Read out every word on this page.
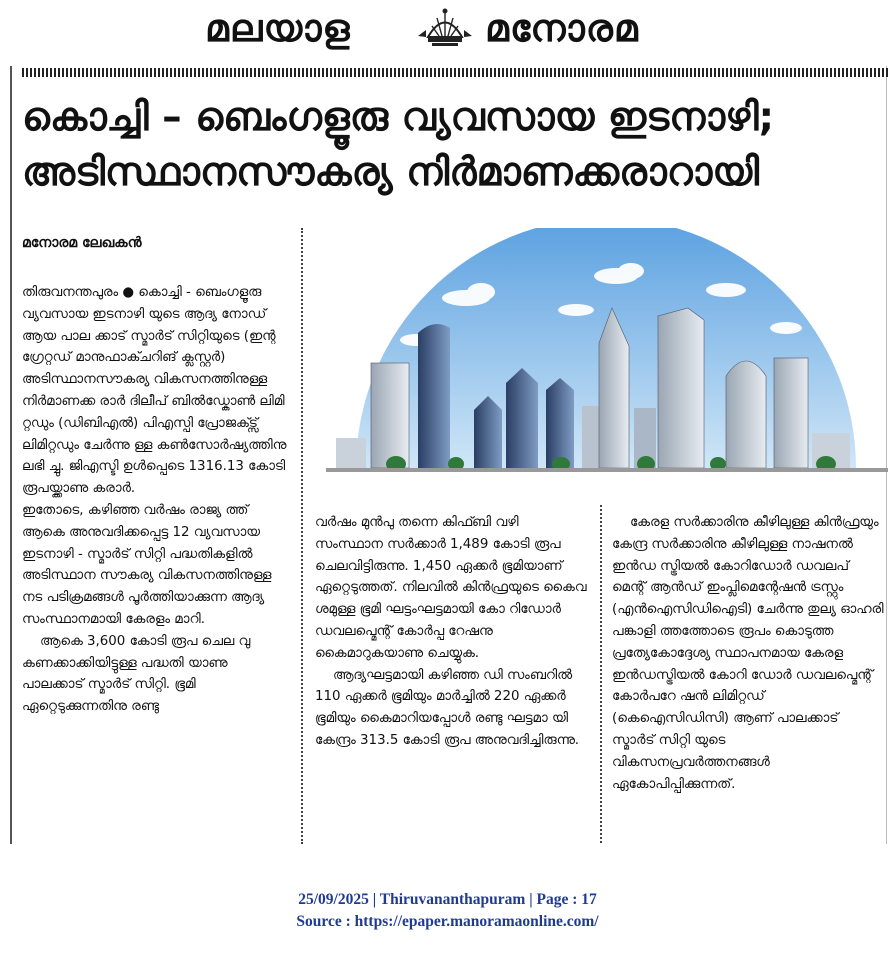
മലയാള	മനോരമ
കൊച്ചി – ബെംഗളൂരു വ്യവസായ ഇടനാഴി;
അടിസ്ഥാനസൗകര്യ നിർമാണക്കരാറായി
മനോരമ ലേഖകൻ

തിരുവനന്തപുരം ● കൊച്ചി - ബെംഗളൂരു വ്യവസായ ഇടനാഴി യുടെ ആദ്യ നോഡ് ആയ പാല ക്കാട് സ്മാർട് സിറ്റിയുടെ (ഇന്റ ഗ്രേറ്റഡ് മാനുഫാക്ചറിങ് ക്ലസ്റ്റർ) അടിസ്ഥാനസൗകര്യ വികസനത്തിനുള്ള നിർമാണക്ക രാർ ദിലീപ് ബിൽഡ്കോൺ ലിമി റ്റഡും (ഡിബിഎൽ) പിഎസ്പി പ്രോജക്ട്സ് ലിമിറ്റഡും ചേർന്നു ള്ള കൺസോർഷ്യത്തിനു ലഭി ച്ചു. ജിഎസ്ടി ഉൾപ്പെടെ 1316.13 കോടി രൂപയ്ക്കാണു കരാർ.

ഇതോടെ, കഴിഞ്ഞ വർഷം രാജ്യ ത്ത് ആകെ അനുവദിക്കപ്പെട്ട 12 വ്യവസായ ഇടനാഴി - സ്മാർട് സിറ്റി പദ്ധതികളിൽ അടിസ്ഥാന സൗകര്യ വികസനത്തിനുള്ള നട പടിക്രമങ്ങൾ പൂർത്തിയാക്കുന്ന ആദ്യ സംസ്ഥാനമായി കേരളം മാറി.

ആകെ 3,600 കോടി രൂപ ചെല വു കണക്കാക്കിയിട്ടുള്ള പദ്ധതി യാണു പാലക്കാട് സ്മാർട് സിറ്റി. ഭൂമി ഏറ്റെടുക്കുന്നതിനു രണ്ടു

വർഷം മുൻപു തന്നെ കിഫ്ബി വഴി സംസ്ഥാന സർക്കാർ 1,489 കോടി രൂപ ചെലവിട്ടിരുന്നു. 1,450 ഏക്കർ ഭൂമിയാണ് ഏറ്റെടുത്തത്. നിലവിൽ കിൻഫ്രയുടെ കൈവ ശമുള്ള ഭൂമി ഘട്ടംഘട്ടമായി കോ റിഡോർ ഡവലപ്മെന്റ് കോർപ്പ റേഷനു കൈമാറുകയാണു ചെയ്യുക.

ആദ്യഘട്ടമായി കഴിഞ്ഞ ഡി സംബറിൽ 110 ഏക്കർ ഭൂമിയും മാർച്ചിൽ 220 ഏക്കർ ഭൂമിയും കൈമാറിയപ്പോൾ രണ്ടു ഘട്ടമാ യി കേന്ദ്രം 313.5 കോടി രൂപ അനുവദിച്ചിരുന്നു.

കേരള സർക്കാരിനു കീഴിലുള്ള കിൻഫ്രയും കേന്ദ്ര സർക്കാരിനു കീഴിലുള്ള നാഷനൽ ഇൻഡ സ്ട്രിയൽ കോറിഡോർ ഡവലപ് മെന്റ് ആൻഡ് ഇംപ്ലിമെന്റേഷൻ ട്രസ്റ്റും (എൻഐസിഡിഐടി) ചേർന്നു തുല്യ ഓഹരി പങ്കാളി ത്തത്തോടെ രൂപം കൊടുത്ത പ്രത്യേകോദ്ദേശ്യ സ്ഥാപനമായ കേരള ഇൻഡസ്ട്രിയൽ കോറി ഡോർ ഡവലപ്മെന്റ് കോർപറേ ഷൻ ലിമിറ്റഡ് (കെഐസിഡിസി) ആണ് പാലക്കാട് സ്മാർട് സിറ്റി യുടെ വികസനപ്രവർത്തനങ്ങൾ ഏകോപിപ്പിക്കുന്നത്.

25/09/2025 | Thiruvananthapuram | Page : 17
Source : https://epaper.manoramaonline.com/
